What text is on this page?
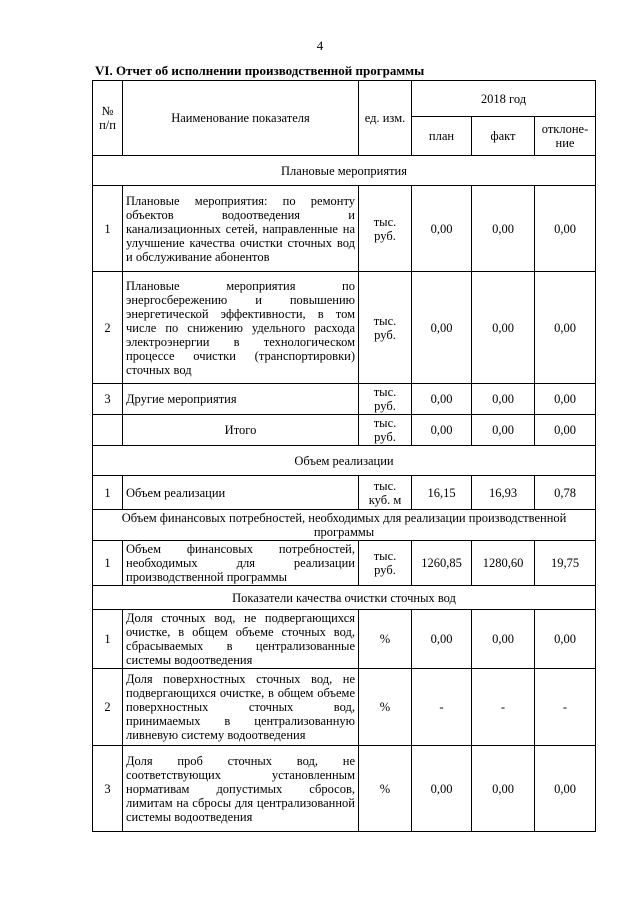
4
VI. Отчет об исполнении производственной программы
№ п/п	Наименование показателя	ед. изм.	2018 год		
			план	факт	отклоне-ние
Плановые мероприятия					
1	Плановые мероприятия: по ремонту объектов водоотведения и канализационных сетей, направленные на улучшение качества очистки сточных вод и обслуживание абонентов	тыс. руб.	0,00	0,00	0,00
2	Плановые мероприятия по энергосбережению и повышению энергетической эффективности, в том числе по снижению удельного расхода электроэнергии в технологическом процессе очистки (транспортировки) сточных вод	тыс. руб.	0,00	0,00	0,00
3	Другие мероприятия	тыс. руб.	0,00	0,00	0,00
	Итого	тыс. руб.	0,00	0,00	0,00
Объем реализации					
1	Объем реализации	тыс. куб. м	16,15	16,93	0,78
Объем финансовых потребностей, необходимых для реализации производственной программы					
1	Объем финансовых потребностей, необходимых для реализации производственной программы	тыс. руб.	1260,85	1280,60	19,75
Показатели качества очистки сточных вод					
1	Доля сточных вод, не подвергающихся очистке, в общем объеме сточных вод, сбрасываемых в централизованные системы водоотведения	%	0,00	0,00	0,00
2	Доля поверхностных сточных вод, не подвергающихся очистке, в общем объеме поверхностных сточных вод, принимаемых в централизованную ливневую систему водоотведения	%	-	-	-
3	Доля проб сточных вод, не соответствующих установленным нормативам допустимых сбросов, лимитам на сбросы для централизованной системы водоотведения	%	0,00	0,00	0,00
